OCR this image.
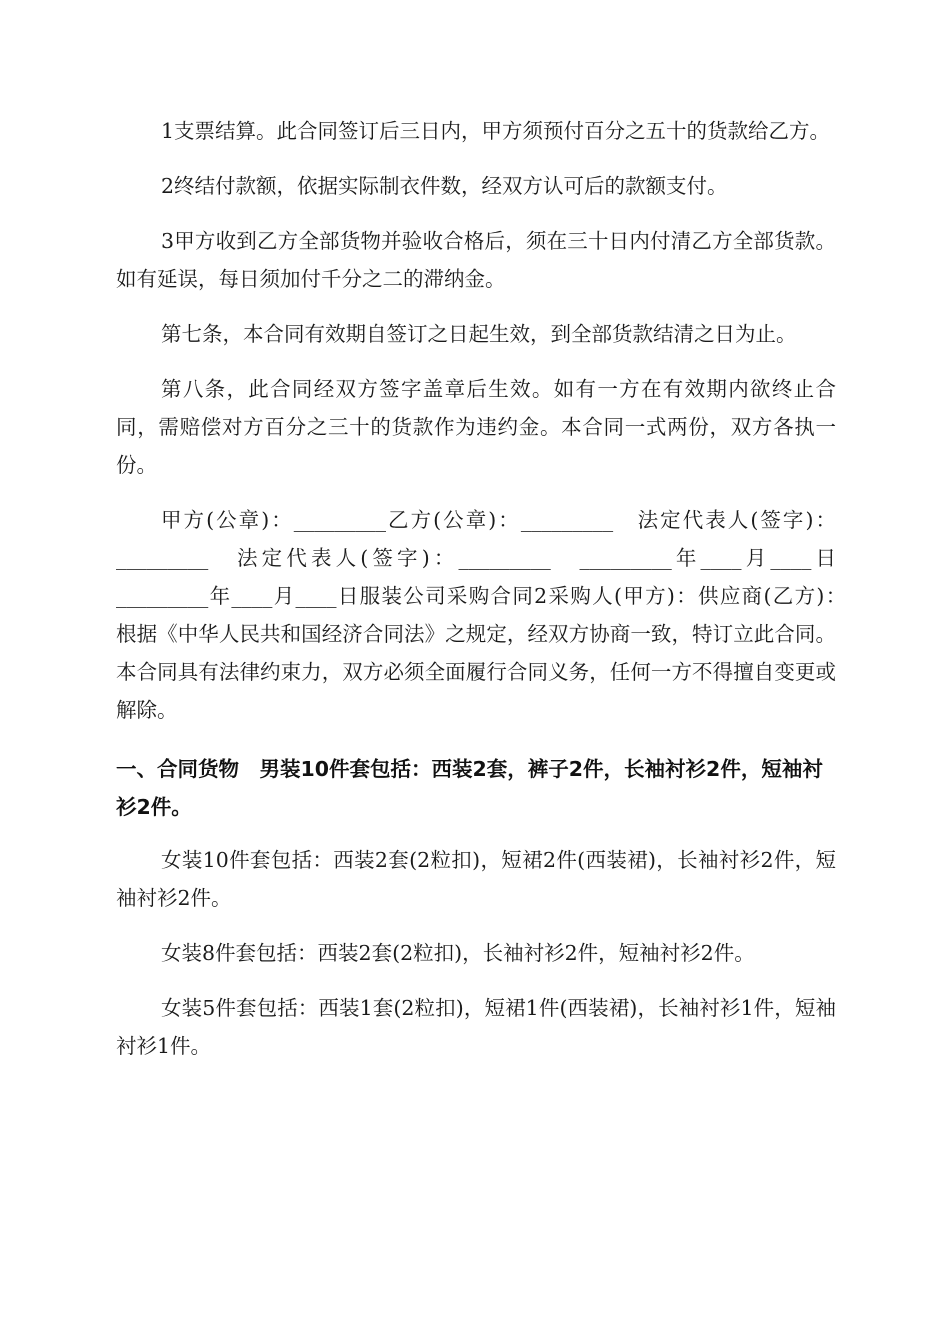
1支票结算。此合同签订后三日内，甲方须预付百分之五十的货款给乙方。

2终结付款额，依据实际制衣件数，经双方认可后的款额支付。

3甲方收到乙方全部货物并验收合格后，须在三十日内付清乙方全部货款。如有延误，每日须加付千分之二的滞纳金。

第七条，本合同有效期自签订之日起生效，到全部货款结清之日为止。

第八条，此合同经双方签字盖章后生效。如有一方在有效期内欲终止合同，需赔偿对方百分之三十的货款作为违约金。本合同一式两份，双方各执一份。

甲方(公章)：_________乙方(公章)：_________　法定代表人(签字)：_________　法定代表人(签字)：_________　_________年____月____日　_________年____月____日服装公司采购合同2采购人(甲方)：供应商(乙方)：　根据《中华人民共和国经济合同法》之规定，经双方协商一致，特订立此合同。本合同具有法律约束力，双方必须全面履行合同义务，任何一方不得擅自变更或解除。

一、合同货物　男装10件套包括：西装2套，裤子2件，长袖衬衫2件，短袖衬衫2件。

女装10件套包括：西装2套(2粒扣)，短裙2件(西装裙)，长袖衬衫2件，短袖衬衫2件。

女装8件套包括：西装2套(2粒扣)，长袖衬衫2件，短袖衬衫2件。

女装5件套包括：西装1套(2粒扣)，短裙1件(西装裙)，长袖衬衫1件，短袖衬衫1件。
